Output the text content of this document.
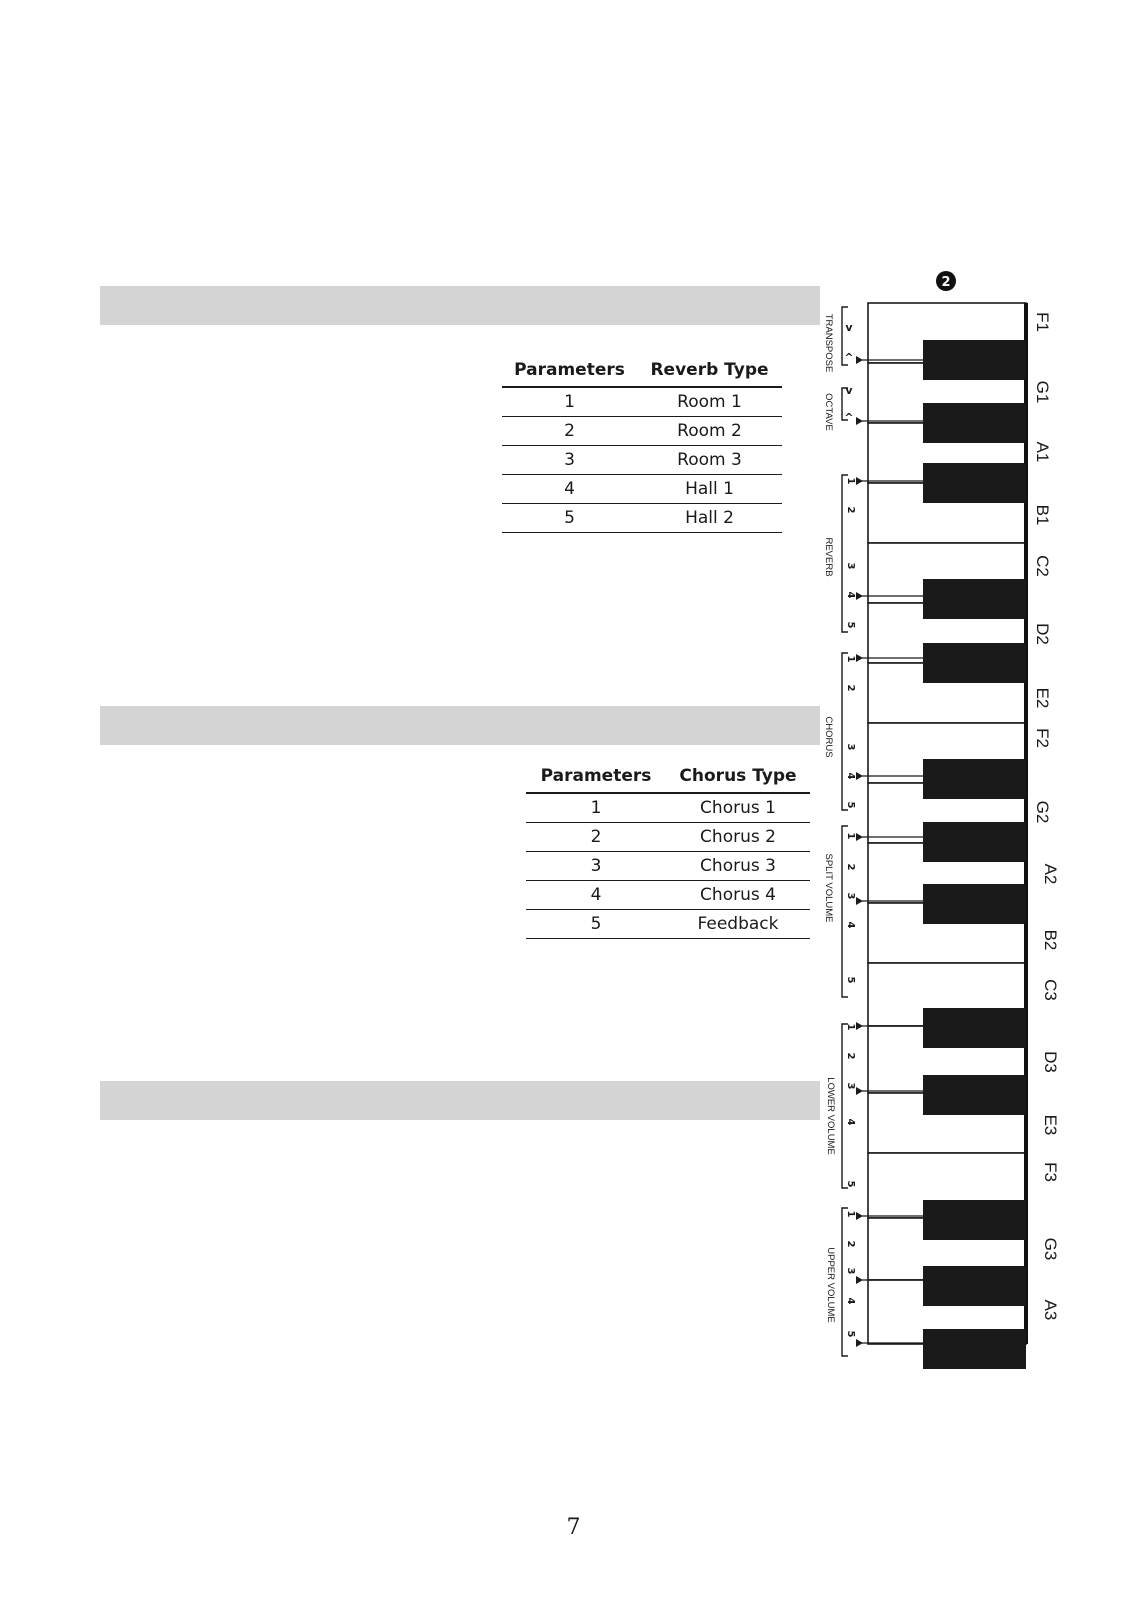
Parameters	Reverb Type
1	Room 1
2	Room 2
3	Room 3
4	Hall 1
5	Hall 2
Parameters	Chorus Type
1	Chorus 1
2	Chorus 2
3	Chorus 3
4	Chorus 4
5	Feedback
2
F1
G1
A1
B1
C2
D2
E2
F2
G2
A2
B2
C3
D3
E3
F3
G3
A3
TRANSPOSE
OCTAVE
REVERB
CHORUS
SPLIT VOLUME
LOWER VOLUME
UPPER VOLUME
1
2
3
4
5
1
2
3
4
5
1
2
3
4
5
1
2
3
4
5
1
2
3
4
5
v
^
v
^
7
